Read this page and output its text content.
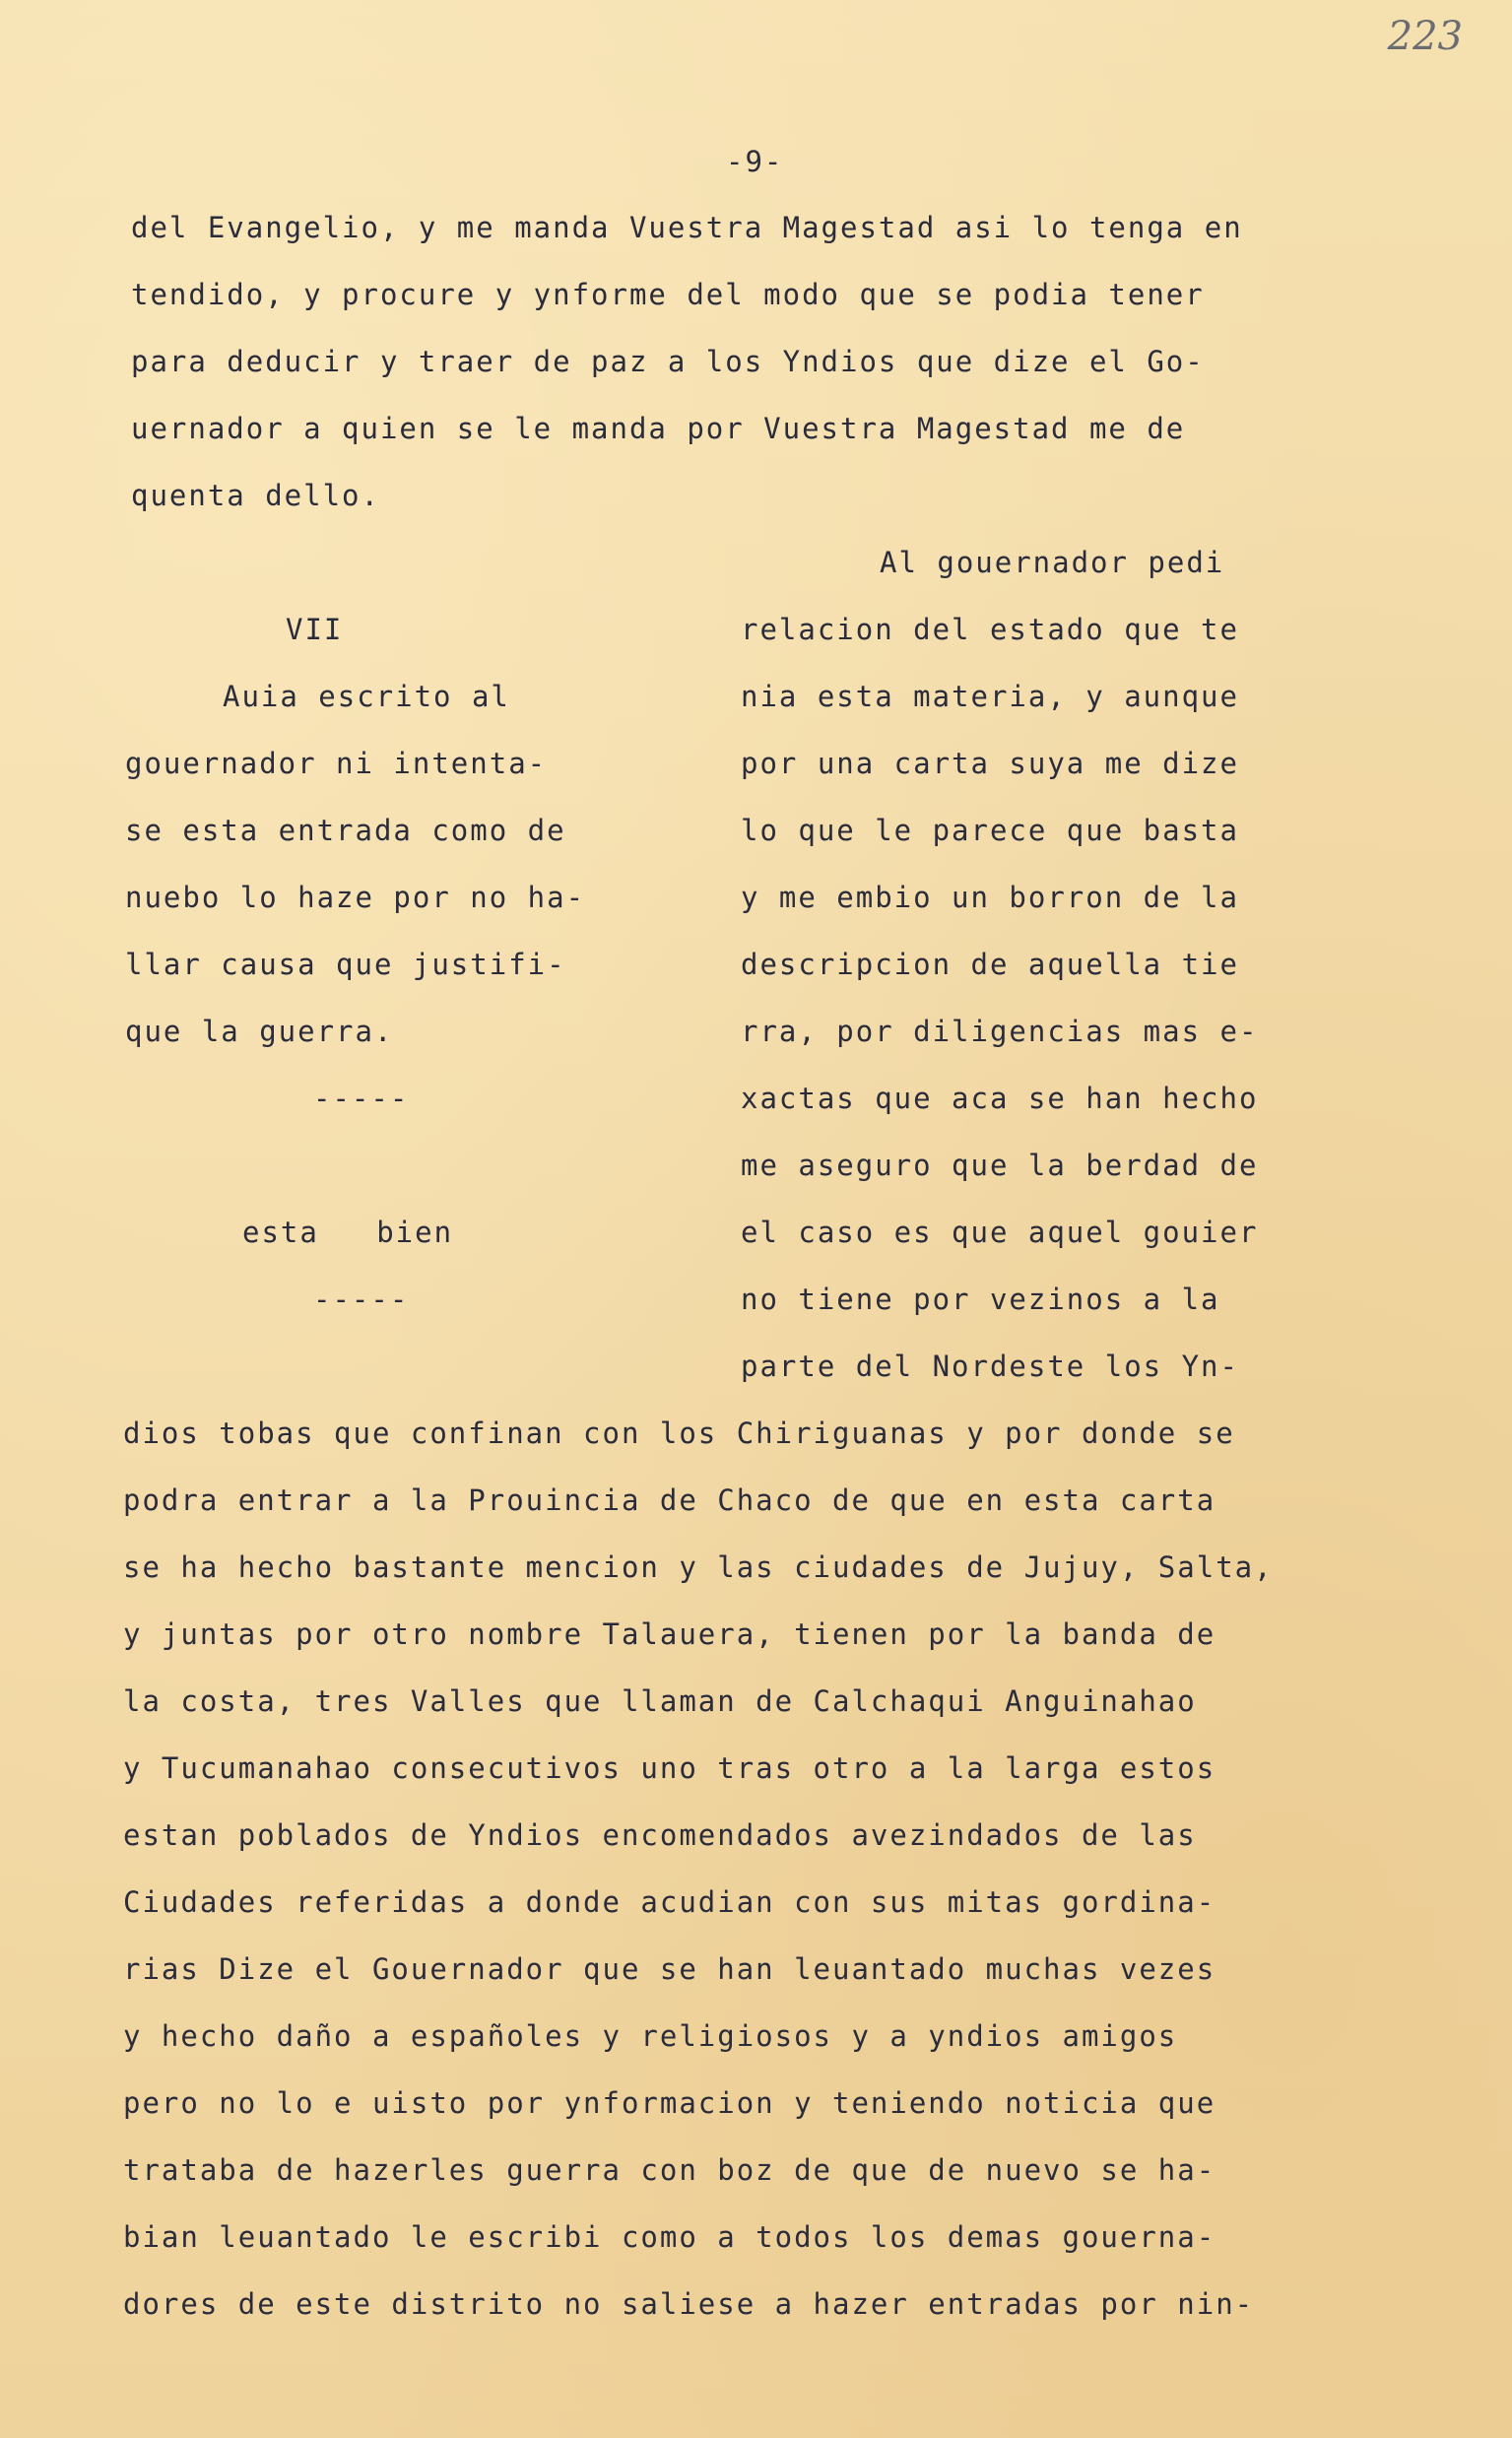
223
-9-
del Evangelio, y me manda Vuestra Magestad asi lo tenga en
tendido, y procure y ynforme del modo que se podia tener
para deducir y traer de paz a los Yndios que dize el Go-
uernador a quien se le manda por Vuestra Magestad me de
quenta dello.
VII
Auia escrito al
gouernador ni intenta-
se esta entrada como de
nuebo lo haze por no ha-
llar causa que justifi-
que la guerra.
-----
esta   bien
-----
Al gouernador pedi
relacion del estado que te
nia esta materia, y aunque
por una carta suya me dize
lo que le parece que basta
y me embio un borron de la
descripcion de aquella tie
rra, por diligencias mas e-
xactas que aca se han hecho
me aseguro que la berdad de
el caso es que aquel gouier
no tiene por vezinos a la
parte del Nordeste los Yn-
dios tobas que confinan con los Chiriguanas y por donde se
podra entrar a la Prouincia de Chaco de que en esta carta
se ha hecho bastante mencion y las ciudades de Jujuy, Salta,
y juntas por otro nombre Talauera, tienen por la banda de
la costa, tres Valles que llaman de Calchaqui Anguinahao
y Tucumanahao consecutivos uno tras otro a la larga estos
estan poblados de Yndios encomendados avezindados de las
Ciudades referidas a donde acudian con sus mitas gordina-
rias Dize el Gouernador que se han leuantado muchas vezes
y hecho daño a españoles y religiosos y a yndios amigos
pero no lo e uisto por ynformacion y teniendo noticia que
trataba de hazerles guerra con boz de que de nuevo se ha-
bian leuantado le escribi como a todos los demas gouerna-
dores de este distrito no saliese a hazer entradas por nin-
